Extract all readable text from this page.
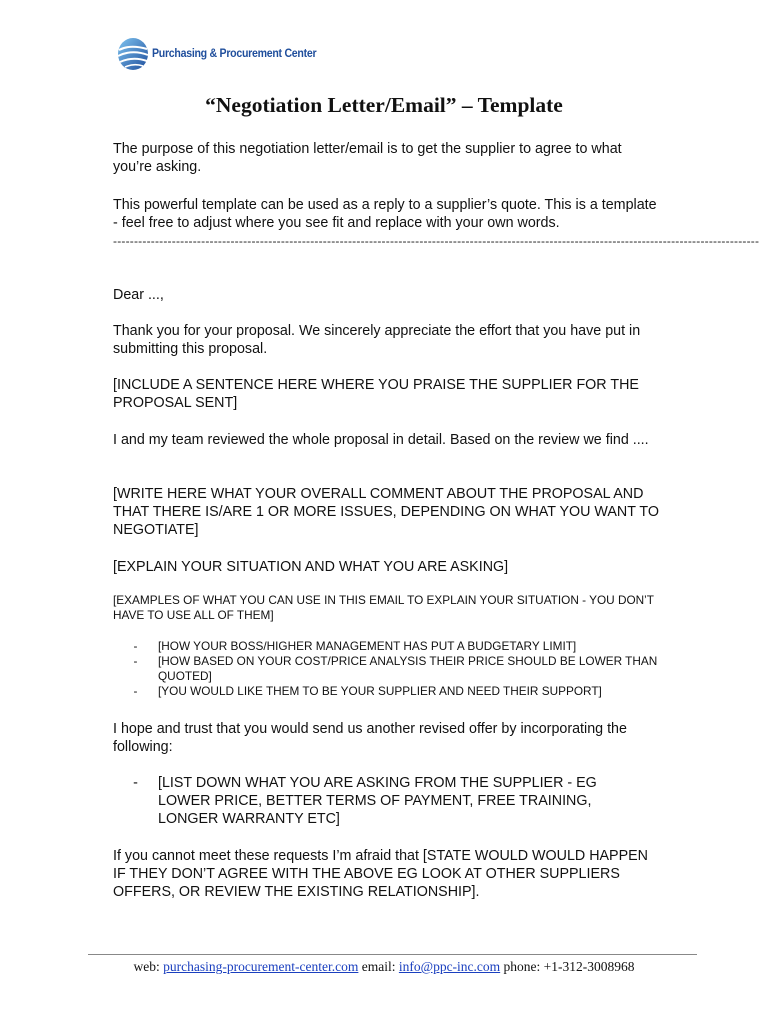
Purchasing & Procurement Center
“Negotiation Letter/Email” – Template

The purpose of this negotiation letter/email is to get the supplier to agree to what you’re asking.

This powerful template can be used as a reply to a supplier’s quote. This is a template - feel free to adjust where you see fit and replace with your own words.

----------------------------------------------------------------------------------------------------------------------------------------------------------

Dear ...,

Thank you for your proposal. We sincerely appreciate the effort that you have put in submitting this proposal.

[INCLUDE A SENTENCE HERE WHERE YOU PRAISE THE SUPPLIER FOR THE PROPOSAL SENT]

I and my team reviewed the whole proposal in detail. Based on the review we find ....

[WRITE HERE WHAT YOUR OVERALL COMMENT ABOUT THE PROPOSAL AND THAT THERE IS/ARE 1 OR MORE ISSUES, DEPENDING ON WHAT YOU WANT TO NEGOTIATE]

[EXPLAIN YOUR SITUATION AND WHAT YOU ARE ASKING]

[EXAMPLES OF WHAT YOU CAN USE IN THIS EMAIL TO EXPLAIN YOUR SITUATION - YOU DON’T HAVE TO USE ALL OF THEM]

-	[HOW YOUR BOSS/HIGHER MANAGEMENT HAS PUT A BUDGETARY LIMIT]
-	[HOW BASED ON YOUR COST/PRICE ANALYSIS THEIR PRICE SHOULD BE LOWER THAN QUOTED]
-	[YOU WOULD LIKE THEM TO BE YOUR SUPPLIER AND NEED THEIR SUPPORT]

I hope and trust that you would send us another revised offer by incorporating the following:

-	[LIST DOWN WHAT YOU ARE ASKING FROM THE SUPPLIER - EG LOWER PRICE, BETTER TERMS OF PAYMENT, FREE TRAINING, LONGER WARRANTY ETC]

If you cannot meet these requests I’m afraid that [STATE WOULD WOULD HAPPEN IF THEY DON’T AGREE WITH THE ABOVE EG LOOK AT OTHER SUPPLIERS OFFERS, OR REVIEW THE EXISTING RELATIONSHIP].

web: purchasing-procurement-center.com email: info@ppc-inc.com phone: +1-312-3008968
